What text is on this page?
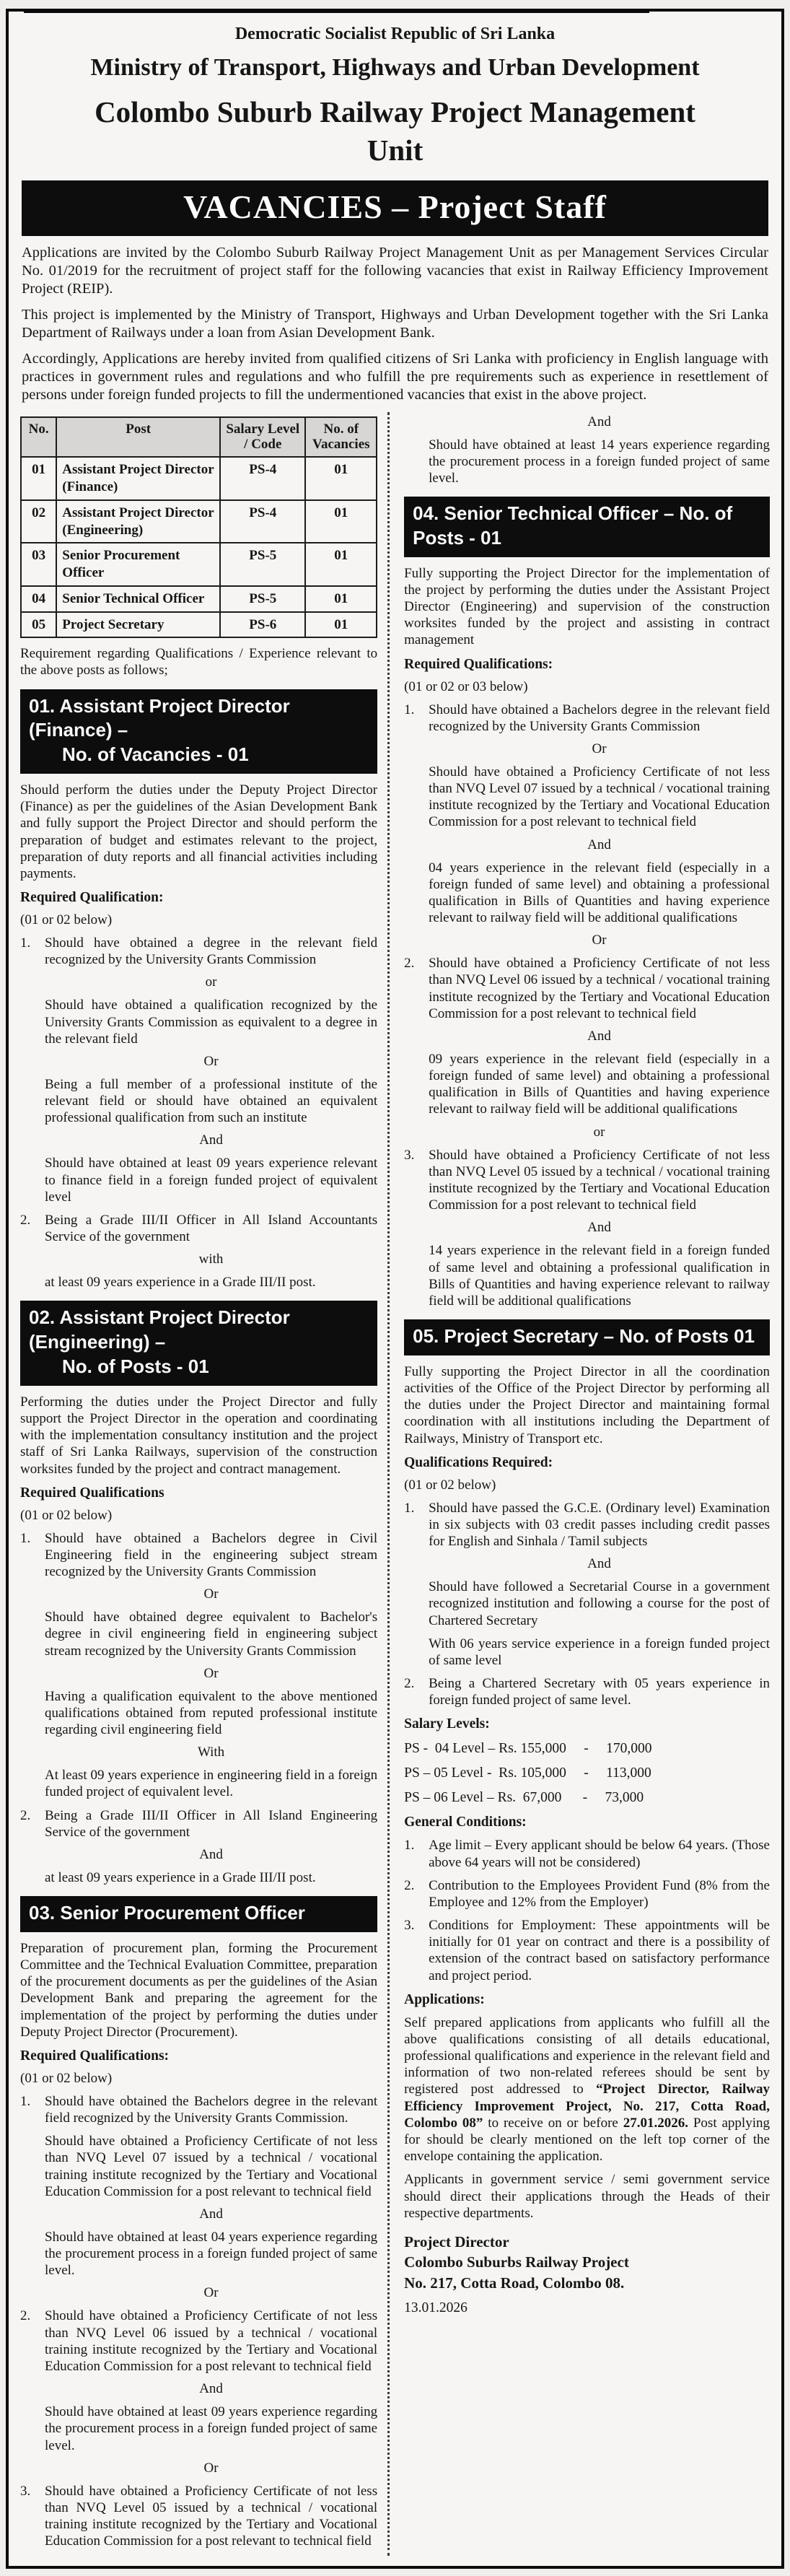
Democratic Socialist Republic of Sri Lanka
Ministry of Transport, Highways and Urban Development
Colombo Suburb Railway Project Management Unit
VACANCIES – Project Staff

Applications are invited by the Colombo Suburb Railway Project Management Unit as per Management Services Circular No. 01/2019 for the recruitment of project staff for the following vacancies that exist in Railway Efficiency Improvement Project (REIP).

This project is implemented by the Ministry of Transport, Highways and Urban Development together with the Sri Lanka Department of Railways under a loan from Asian Development Bank.

Accordingly, Applications are hereby invited from qualified citizens of Sri Lanka with proficiency in English language with practices in government rules and regulations and who fulfill the pre requirements such as experience in resettlement of persons under foreign funded projects to fill the undermentioned vacancies that exist in the above project.

No.	Post	Salary Level / Code	No. of Vacancies
01	Assistant Project Director (Finance)	PS-4	01
02	Assistant Project Director (Engineering)	PS-4	01
03	Senior Procurement Officer	PS-5	01
04	Senior Technical Officer	PS-5	01
05	Project Secretary	PS-6	01

Requirement regarding Qualifications / Experience relevant to the above posts as follows;

01. Assistant Project Director (Finance) –
No. of Vacancies - 01

Should perform the duties under the Deputy Project Director (Finance) as per the guidelines of the Asian Development Bank and fully support the Project Director and should perform the preparation of budget and estimates relevant to the project, preparation of duty reports and all financial activities including payments.

Required Qualification:

(01 or 02 below)

1.	Should have obtained a degree in the relevant field recognized by the University Grants Commission
or

Should have obtained a qualification recognized by the University Grants Commission as equivalent to a degree in the relevant field

Or

Being a full member of a professional institute of the relevant field or should have obtained an equivalent professional qualification from such an institute

And

Should have obtained at least 09 years experience relevant to finance field in a foreign funded project of equivalent level

2.	Being a Grade III/II Officer in All Island Accountants Service of the government
with

at least 09 years experience in a Grade III/II post.

02. Assistant Project Director (Engineering) –
No. of Posts - 01

Performing the duties under the Project Director and fully support the Project Director in the operation and coordinating with the implementation consultancy institution and the project staff of Sri Lanka Railways, supervision of the construction worksites funded by the project and contract management.

Required Qualifications

(01 or 02 below)

1.	Should have obtained a Bachelors degree in Civil Engineering field in the engineering subject stream recognized by the University Grants Commission
Or

Should have obtained degree equivalent to Bachelor's degree in civil engineering field in engineering subject stream recognized by the University Grants Commission

Or

Having a qualification equivalent to the above mentioned qualifications obtained from reputed professional institute regarding civil engineering field

With

At least 09 years experience in engineering field in a foreign funded project of equivalent level.

2.	Being a Grade III/II Officer in All Island Engineering Service of the government
And

at least 09 years experience in a Grade III/II post.

03. Senior Procurement Officer

Preparation of procurement plan, forming the Procurement Committee and the Technical Evaluation Committee, preparation of the procurement documents as per the guidelines of the Asian Development Bank and preparing the agreement for the implementation of the project by performing the duties under Deputy Project Director (Procurement).

Required Qualifications:

(01 or 02 below)

1.	Should have obtained the Bachelors degree in the relevant field recognized by the University Grants Commission.

Should have obtained a Proficiency Certificate of not less than NVQ Level 07 issued by a technical / vocational training institute recognized by the Tertiary and Vocational Education Commission for a post relevant to technical field

And

Should have obtained at least 04 years experience regarding the procurement process in a foreign funded project of same level.

Or
2.	Should have obtained a Proficiency Certificate of not less than NVQ Level 06 issued by a technical / vocational training institute recognized by the Tertiary and Vocational Education Commission for a post relevant to technical field
And

Should have obtained at least 09 years experience regarding the procurement process in a foreign funded project of same level.

Or
3.	Should have obtained a Proficiency Certificate of not less than NVQ Level 05 issued by a technical / vocational training institute recognized by the Tertiary and Vocational Education Commission for a post relevant to technical field
And

Should have obtained at least 14 years experience regarding the procurement process in a foreign funded project of same level.

04. Senior Technical Officer – No. of Posts - 01

Fully supporting the Project Director for the implementation of the project by performing the duties under the Assistant Project Director (Engineering) and supervision of the construction worksites funded by the project and assisting in contract management

Required Qualifications:

(01 or 02 or 03 below)

1.	Should have obtained a Bachelors degree in the relevant field recognized by the University Grants Commission
Or

Should have obtained a Proficiency Certificate of not less than NVQ Level 07 issued by a technical / vocational training institute recognized by the Tertiary and Vocational Education Commission for a post relevant to technical field

And

04 years experience in the relevant field (especially in a foreign funded of same level) and obtaining a professional qualification in Bills of Quantities and having experience relevant to railway field will be additional qualifications

Or
2.	Should have obtained a Proficiency Certificate of not less than NVQ Level 06 issued by a technical / vocational training institute recognized by the Tertiary and Vocational Education Commission for a post relevant to technical field
And

09 years experience in the relevant field (especially in a foreign funded of same level) and obtaining a professional qualification in Bills of Quantities and having experience relevant to railway field will be additional qualifications

or
3.	Should have obtained a Proficiency Certificate of not less than NVQ Level 05 issued by a technical / vocational training institute recognized by the Tertiary and Vocational Education Commission for a post relevant to technical field
And

14 years experience in the relevant field in a foreign funded of same level and obtaining a professional qualification in Bills of Quantities and having experience relevant to railway field will be additional qualifications

05. Project Secretary – No. of Posts 01

Fully supporting the Project Director in all the coordination activities of the Office of the Project Director by performing all the duties under the Project Director and maintaining formal coordination with all institutions including the Department of Railways, Ministry of Transport etc.

Qualifications Required:

(01 or 02 below)

1.	Should have passed the G.C.E. (Ordinary level) Examination in six subjects with 03 credit passes including credit passes for English and Sinhala / Tamil subjects
And

Should have followed a Secretarial Course in a government recognized institution and following a course for the post of Chartered Secretary

With 06 years service experience in a foreign funded project of same level

2.	Being a Chartered Secretary with 05 years experience in foreign funded project of same level.

Salary Levels:

PS -  04 Level – Rs. 155,000     -     170,000

PS – 05 Level -  Rs. 105,000     -     113,000

PS – 06 Level – Rs.  67,000      -     73,000

General Conditions:

1.	Age limit – Every applicant should be below 64 years. (Those above 64 years will not be considered)
2.	Contribution to the Employees Provident Fund (8% from the Employee and 12% from the Employer)
3.	Conditions for Employment: These appointments will be initially for 01 year on contract and there is a possibility of extension of the contract based on satisfactory performance and project period.

Applications:

Self prepared applications from applicants who fulfill all the above qualifications consisting of all details educational, professional qualifications and experience in the relevant field and information of two non-related referees should be sent by registered post addressed to “Project Director, Railway Efficiency Improvement Project, No. 217, Cotta Road, Colombo 08” to receive on or before 27.01.2026. Post applying for should be clearly mentioned on the left top corner of the envelope containing the application.

Applicants in government service / semi government service should direct their applications through the Heads of their respective departments.

Project Director
Colombo Suburbs Railway Project
No. 217, Cotta Road, Colombo 08.

13.01.2026
